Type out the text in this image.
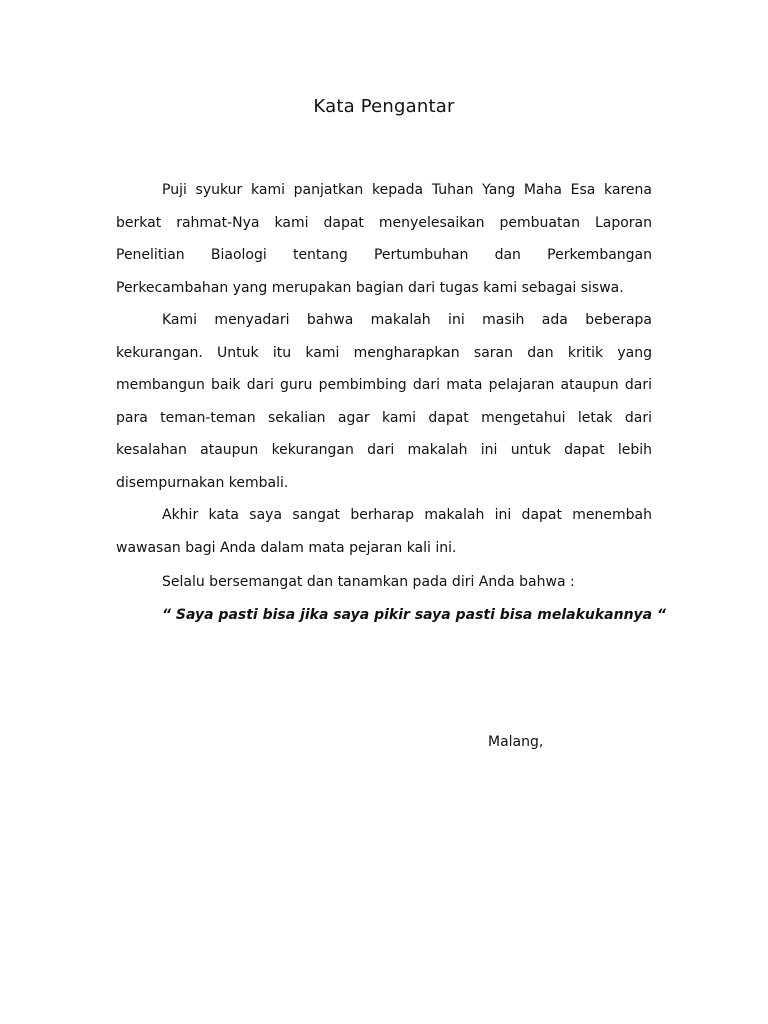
Kata Pengantar

Puji syukur kami panjatkan kepada Tuhan Yang Maha Esa karena berkat rahmat-Nya kami dapat menyelesaikan pembuatan Laporan Penelitian Biaologi tentang Pertumbuhan dan Perkembangan Perkecambahan yang merupakan bagian dari tugas kami sebagai siswa.

Kami menyadari bahwa makalah ini masih ada beberapa kekurangan. Untuk itu kami mengharapkan saran dan kritik yang membangun baik dari guru pembimbing dari mata pelajaran ataupun dari para teman-teman sekalian agar kami dapat mengetahui letak dari kesalahan ataupun kekurangan dari makalah ini untuk dapat lebih disempurnakan kembali.

Akhir kata saya sangat berharap makalah ini dapat menembah wawasan bagi Anda dalam mata pejaran kali ini.

Selalu bersemangat dan tanamkan pada diri Anda bahwa :

“ Saya pasti bisa jika saya pikir saya pasti bisa melakukannya “

Malang,
